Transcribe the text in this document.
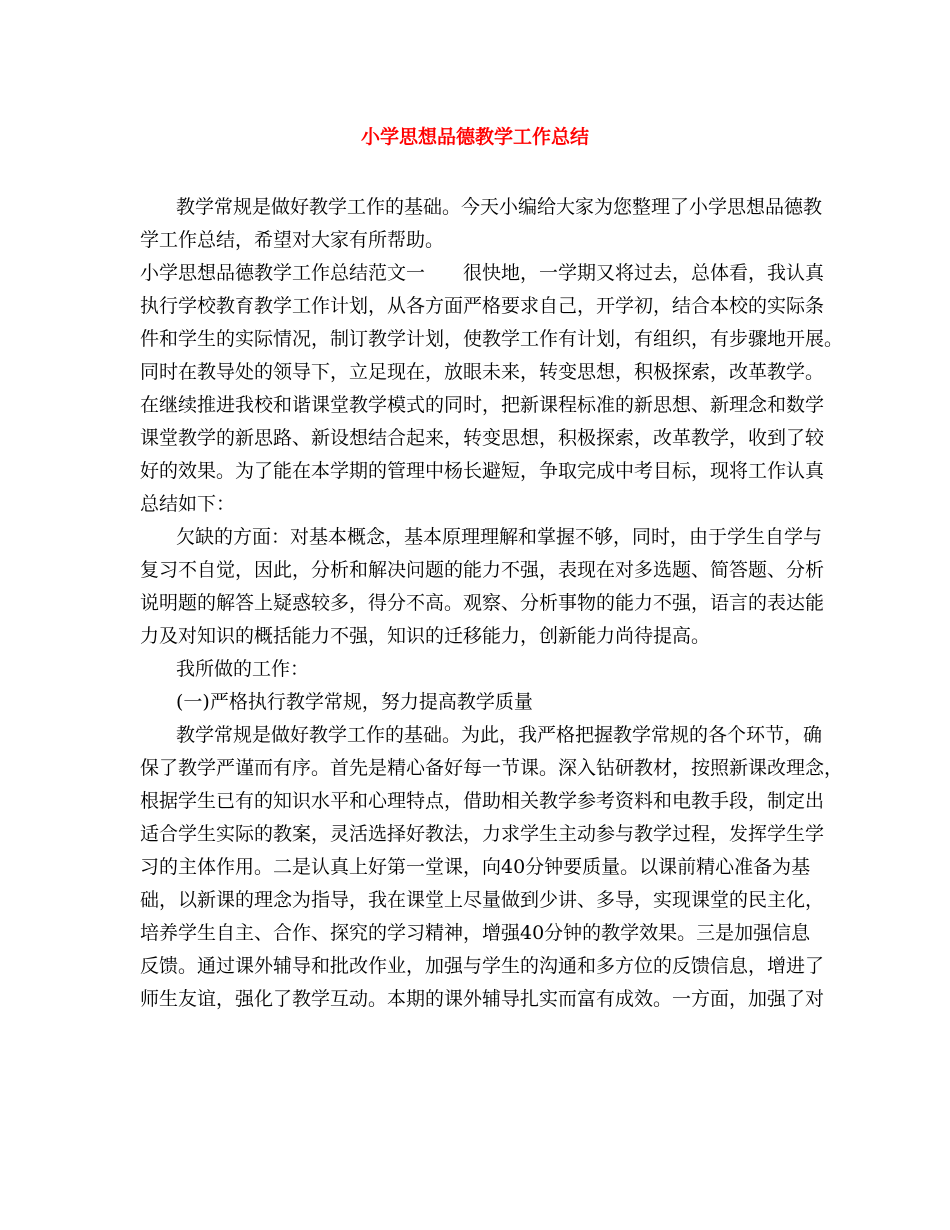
小学思想品德教学工作总结
教学常规是做好教学工作的基础。今天小编给大家为您整理了小学思想品德教
学工作总结，希望对大家有所帮助。
小学思想品德教学工作总结范文一　　很快地，一学期又将过去，总体看，我认真
执行学校教育教学工作计划，从各方面严格要求自己，开学初，结合本校的实际条
件和学生的实际情况，制订教学计划，使教学工作有计划，有组织，有步骤地开展。
同时在教导处的领导下，立足现在，放眼未来，转变思想，积极探索，改革教学。
在继续推进我校和谐课堂教学模式的同时，把新课程标准的新思想、新理念和数学
课堂教学的新思路、新设想结合起来，转变思想，积极探索，改革教学，收到了较
好的效果。为了能在本学期的管理中杨长避短，争取完成中考目标，现将工作认真
总结如下：
欠缺的方面：对基本概念，基本原理理解和掌握不够，同时，由于学生自学与
复习不自觉，因此，分析和解决问题的能力不强，表现在对多选题、简答题、分析
说明题的解答上疑惑较多，得分不高。观察、分析事物的能力不强，语言的表达能
力及对知识的概括能力不强，知识的迁移能力，创新能力尚待提高。
我所做的工作：
(一)严格执行教学常规，努力提高教学质量
教学常规是做好教学工作的基础。为此，我严格把握教学常规的各个环节，确
保了教学严谨而有序。首先是精心备好每一节课。深入钻研教材，按照新课改理念，
根据学生已有的知识水平和心理特点，借助相关教学参考资料和电教手段，制定出
适合学生实际的教案，灵活选择好教法，力求学生主动参与教学过程，发挥学生学
习的主体作用。二是认真上好第一堂课，向40分钟要质量。以课前精心准备为基
础，以新课的理念为指导，我在课堂上尽量做到少讲、多导，实现课堂的民主化，
培养学生自主、合作、探究的学习精神，增强40分钟的教学效果。三是加强信息
反馈。通过课外辅导和批改作业，加强与学生的沟通和多方位的反馈信息，增进了
师生友谊，强化了教学互动。本期的课外辅导扎实而富有成效。一方面，加强了对
